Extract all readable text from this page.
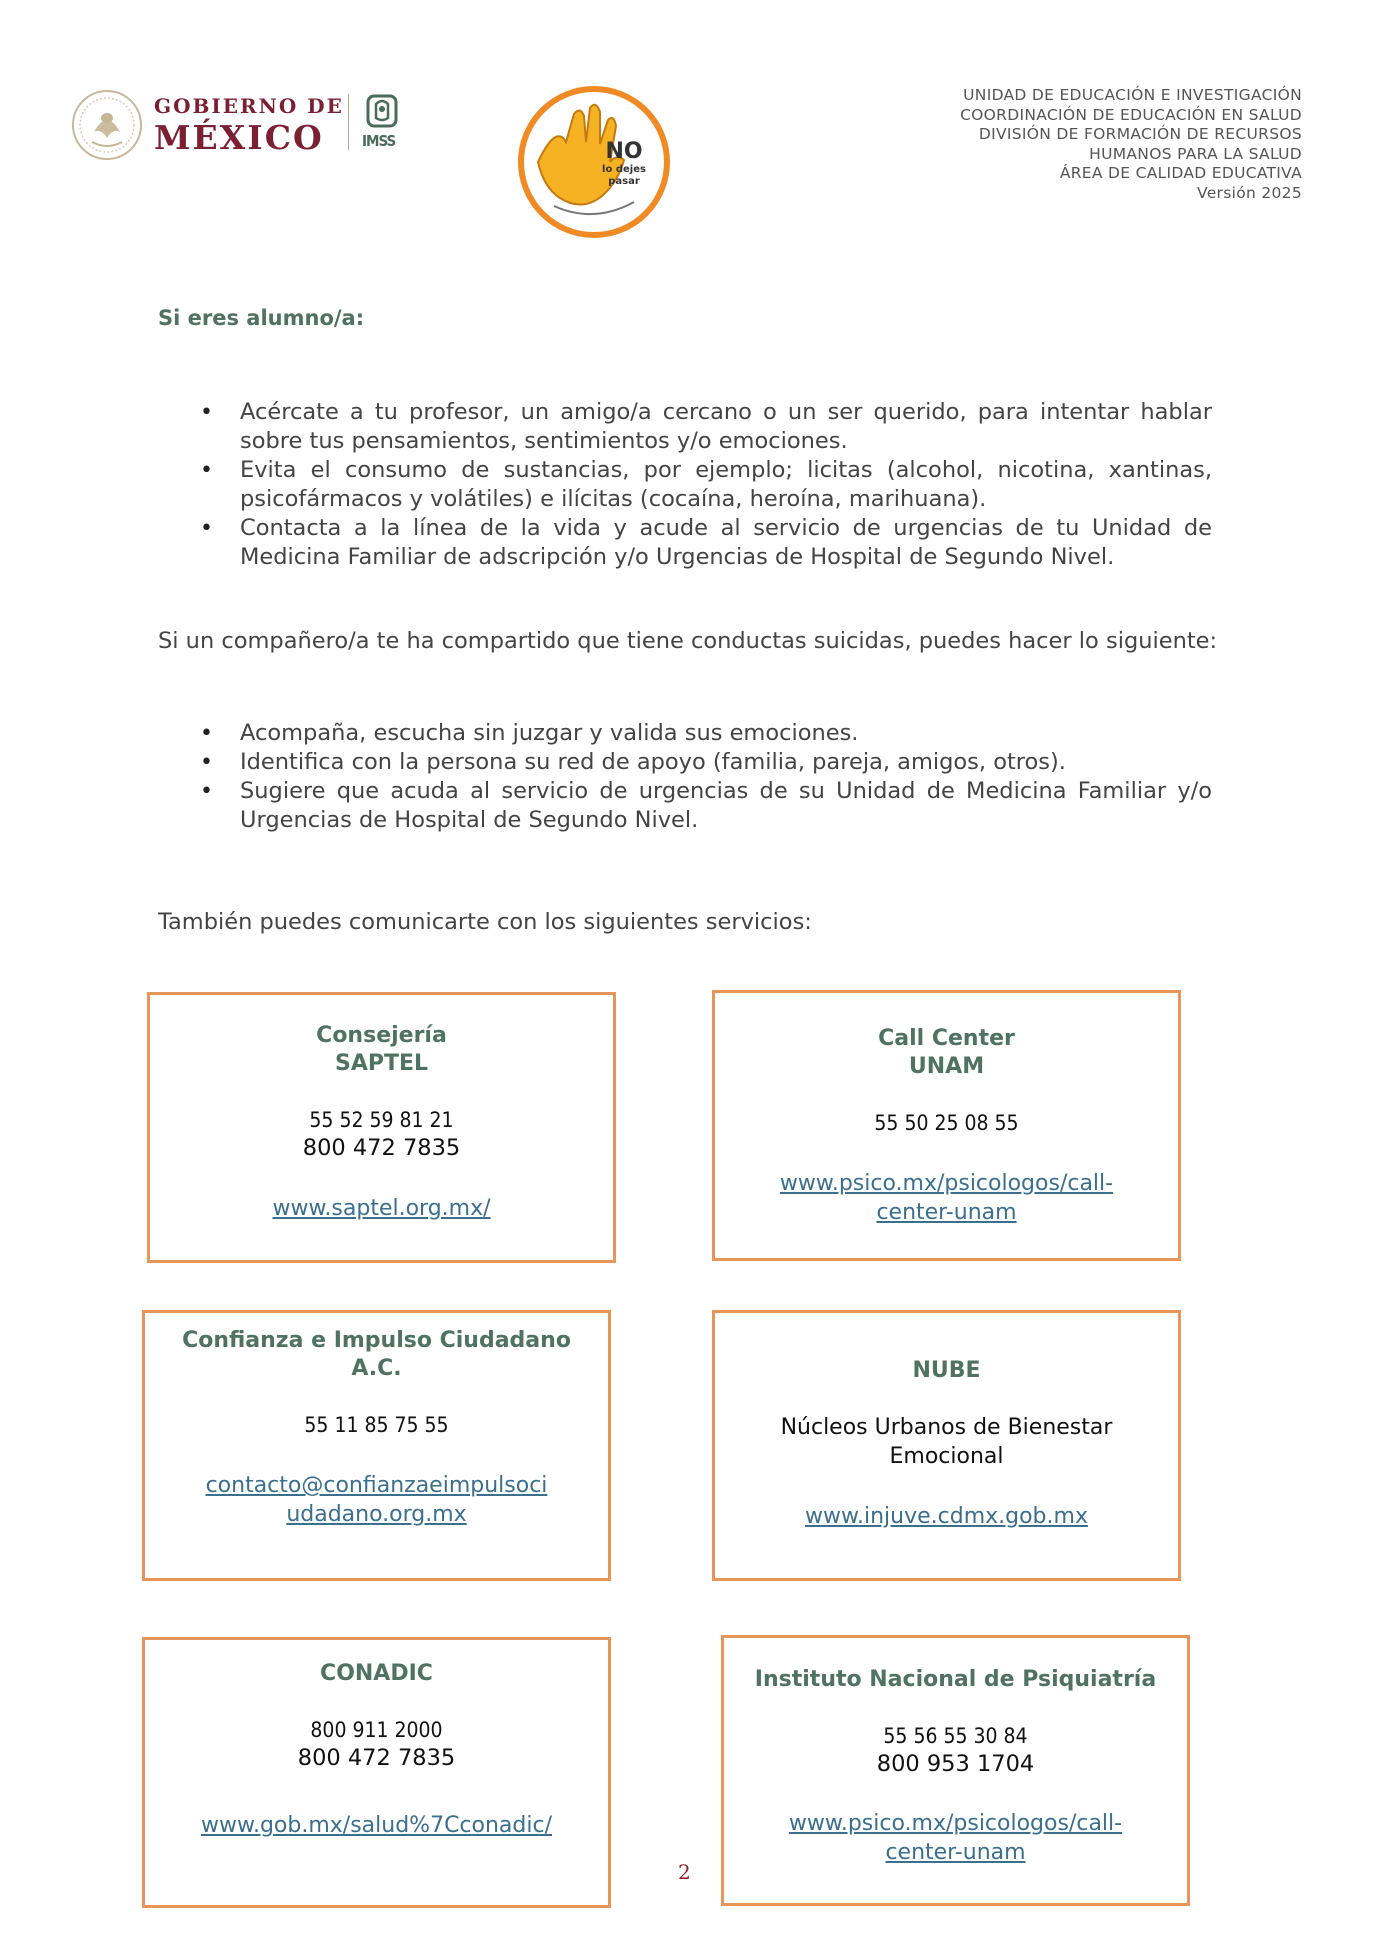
GOBIERNO DE
MÉXICO	IMSS	NO
lo dejes
pasar
UNIDAD DE EDUCACIÓN E INVESTIGACIÓN
COORDINACIÓN DE EDUCACIÓN EN SALUD
DIVISIÓN DE FORMACIÓN DE RECURSOS
HUMANOS PARA LA SALUD
ÁREA DE CALIDAD EDUCATIVA
Versión 2025
Si eres alumno/a:
• Acércate a tu profesor, un amigo/a cercano o un ser querido, para intentar hablar sobre tus pensamientos, sentimientos y/o emociones.
• Evita el consumo de sustancias, por ejemplo; licitas (alcohol, nicotina, xantinas, psicofármacos y volátiles) e ilícitas (cocaína, heroína, marihuana).
• Contacta a la línea de la vida y acude al servicio de urgencias de tu Unidad de Medicina Familiar de adscripción y/o Urgencias de Hospital de Segundo Nivel.
Si un compañero/a te ha compartido que tiene conductas suicidas, puedes hacer lo siguiente:
• Acompaña, escucha sin juzgar y valida sus emociones.
• Identifica con la persona su red de apoyo (familia, pareja, amigos, otros).
• Sugiere que acuda al servicio de urgencias de su Unidad de Medicina Familiar y/o Urgencias de Hospital de Segundo Nivel.
También puedes comunicarte con los siguientes servicios:
Consejería
SAPTEL
55 52 59 81 21
800 472 7835
www.saptel.org.mx/
Call Center
UNAM
55 50 25 08 55
www.psico.mx/psicologos/call-
center-unam
Confianza e Impulso Ciudadano
A.C.
55 11 85 75 55
contacto@confianzaeimpulsoci
udadano.org.mx
NUBE
Núcleos Urbanos de Bienestar
Emocional
www.injuve.cdmx.gob.mx
CONADIC
800 911 2000
800 472 7835
www.gob.mx/salud%7Cconadic/
Instituto Nacional de Psiquiatría
55 56 55 30 84
800 953 1704
www.psico.mx/psicologos/call-
center-unam
2
